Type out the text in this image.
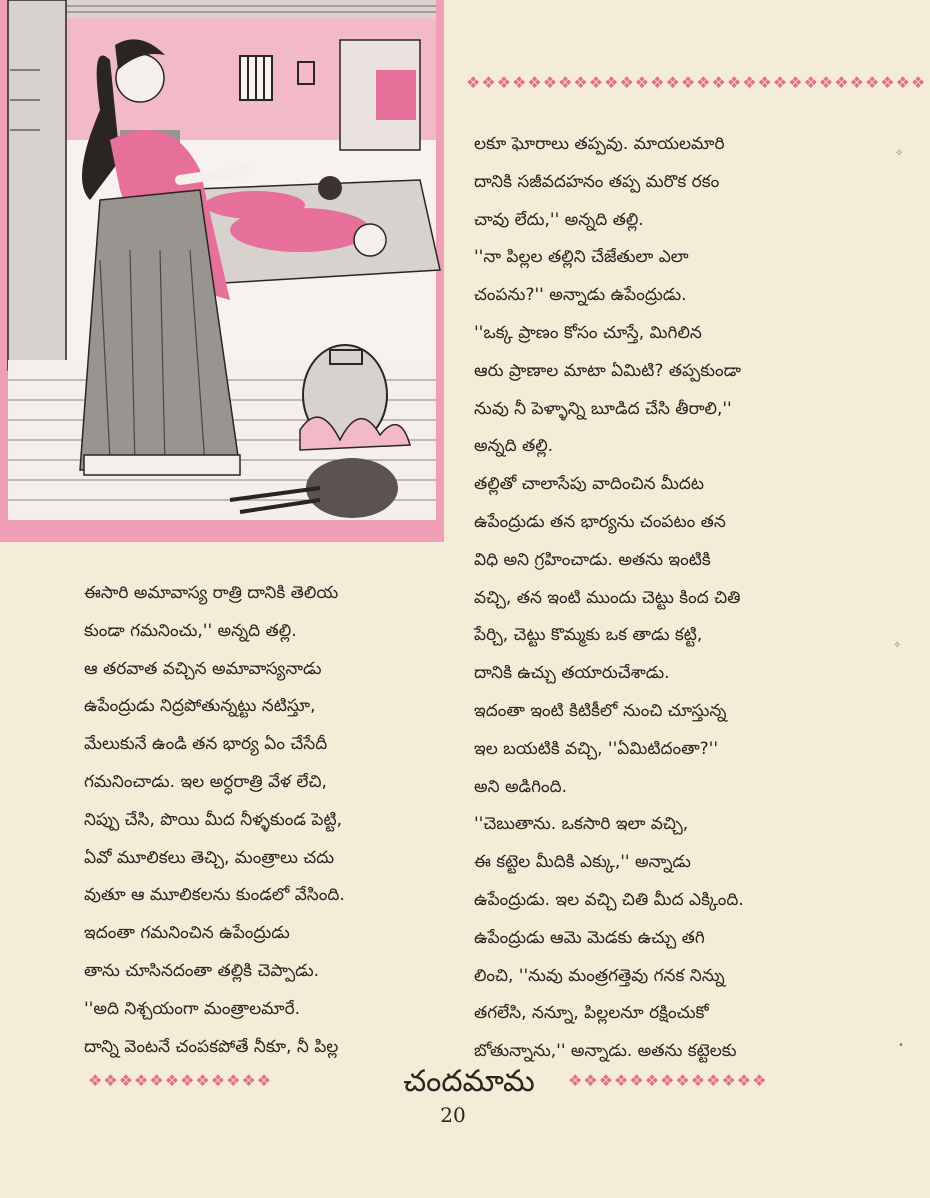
❖❖❖❖❖❖❖❖❖❖❖❖❖❖❖❖❖❖❖❖❖❖❖❖❖❖❖❖❖❖

లకూ ఘోరాలు తప్పవు. మాయలమారి

దానికి సజీవదహనం తప్ప మరొక రకం

చావు లేదు,'' అన్నది తల్లి.

''నా పిల్లల తల్లిని చేజేతులా ఎలా

చంపను?'' అన్నాడు ఉపేంద్రుడు.

''ఒక్క ప్రాణం కోసం చూస్తే, మిగిలిన

ఆరు ప్రాణాల మాటా ఏమిటి? తప్పకుండా

నువు నీ పెళ్ళాన్ని బూడిద చేసి తీరాలి,''

అన్నది తల్లి.

తల్లితో చాలాసేపు వాదించిన మీదట

ఉపేంద్రుడు తన భార్యను చంపటం తన

విధి అని గ్రహించాడు. అతను ఇంటికి

వచ్చి, తన ఇంటి ముందు చెట్టు కింద చితి

పేర్చి, చెట్టు కొమ్మకు ఒక తాడు కట్టి,

దానికి ఉచ్చు తయారుచేశాడు.

ఇదంతా ఇంటి కిటికీలో నుంచి చూస్తున్న

ఇల బయటికి వచ్చి, ''ఏమిటిదంతా?''

అని అడిగింది.

''చెబుతాను. ఒకసారి ఇలా వచ్చి,

ఈ కట్టెల మీదికి ఎక్కు,'' అన్నాడు

ఉపేంద్రుడు. ఇల వచ్చి చితి మీద ఎక్కింది.

ఉపేంద్రుడు ఆమె మెడకు ఉచ్చు తగి

లించి, ''నువు మంత్రగత్తెవు గనక నిన్ను

తగలేసి, నన్నూ, పిల్లలనూ రక్షించుకో

బోతున్నాను,'' అన్నాడు. అతను కట్టెలకు

ఈసారి అమావాస్య రాత్రి దానికి తెలియ

కుండా గమనించు,'' అన్నది తల్లి.

ఆ తరవాత వచ్చిన అమావాస్యనాడు

ఉపేంద్రుడు నిద్రపోతున్నట్టు నటిస్తూ,

మేలుకునే ఉండి తన భార్య ఏం చేసేదీ

గమనించాడు. ఇల అర్ధరాత్రి వేళ లేచి,

నిప్పు చేసి, పొయి మీద నీళ్ళకుండ పెట్టి,

ఏవో మూలికలు తెచ్చి, మంత్రాలు చదు

వుతూ ఆ మూలికలను కుండలో వేసింది.

ఇదంతా గమనించిన ఉపేంద్రుడు

తాను చూసినదంతా తల్లికి చెప్పాడు.

''అది నిశ్చయంగా మంత్రాలమారే.

దాన్ని వెంటనే చంపకపోతే నీకూ, నీ పిల్ల

❖❖❖❖❖❖❖❖❖❖❖❖	చందమామ	❖❖❖❖❖❖❖❖❖❖❖❖❖
20
✧
✧
•
